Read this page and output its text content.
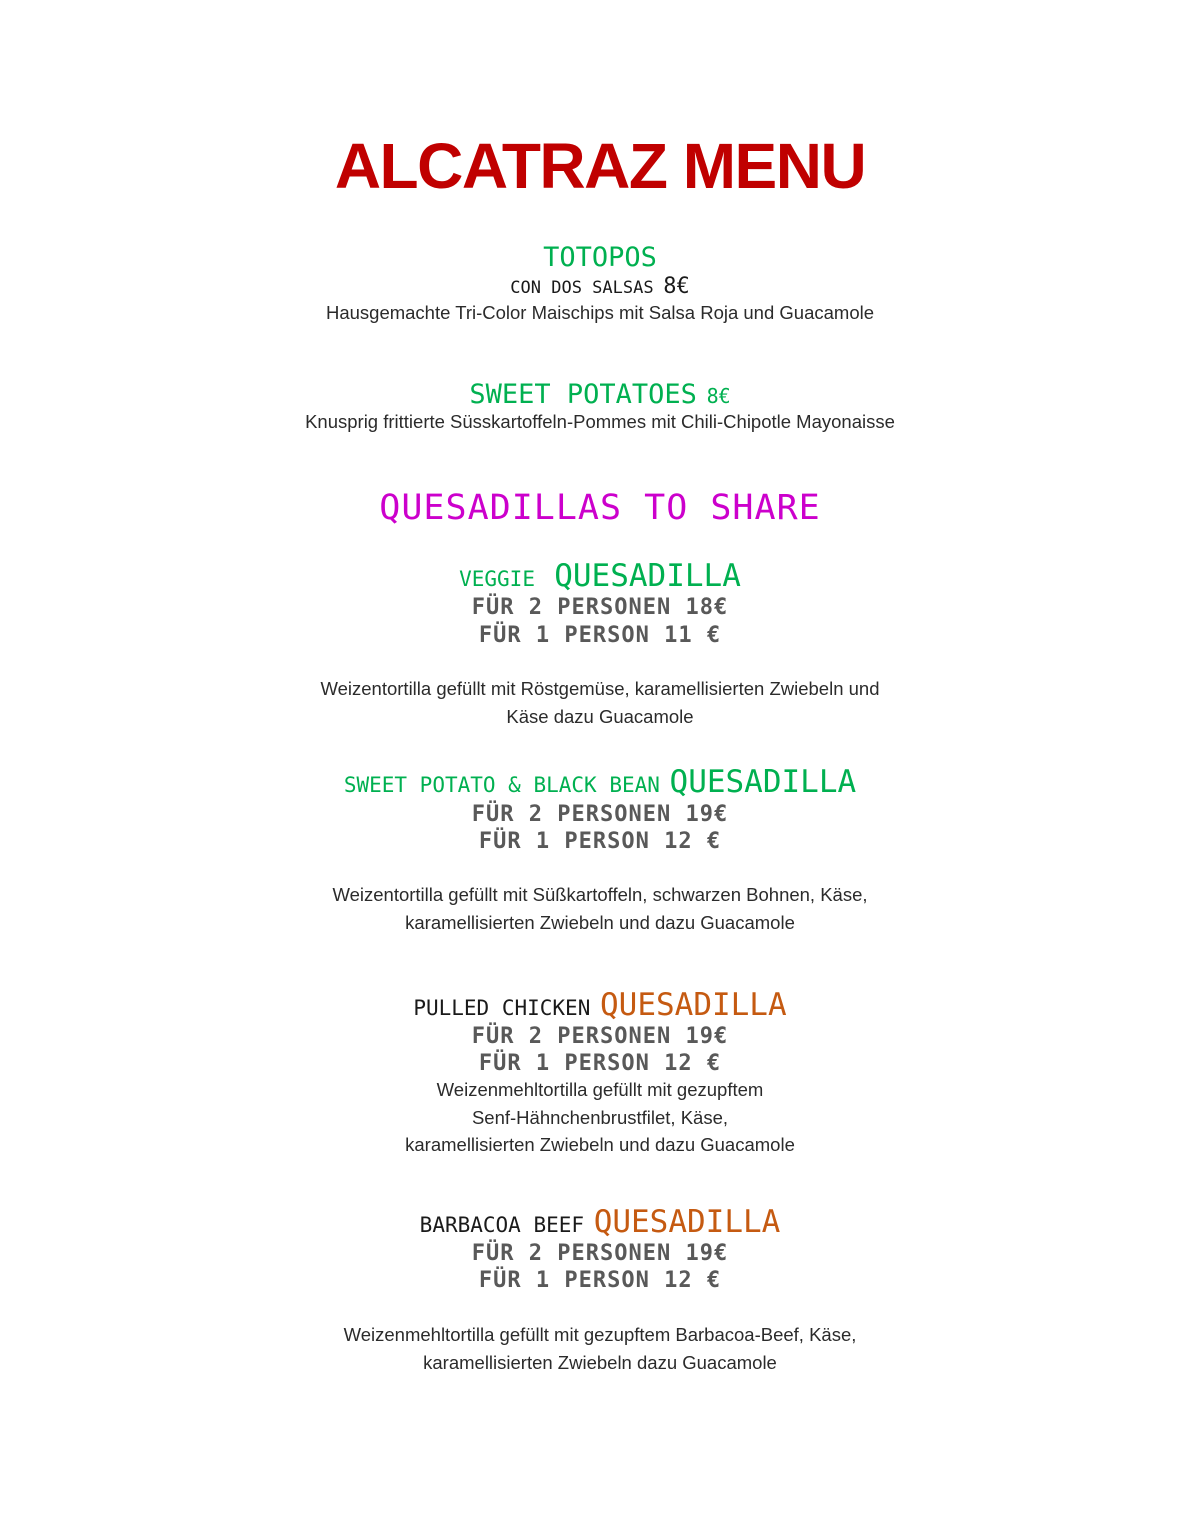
ALCATRAZ MENU
TOTOPOS
CON DOS SALSAS 8€
Hausgemachte Tri-Color Maischips mit Salsa Roja und Guacamole
SWEET POTATOES 8€
Knusprig frittierte Süsskartoffeln-Pommes mit Chili-Chipotle Mayonaisse
QUESADILLAS TO SHARE
VEGGIE QUESADILLA
FÜR 2 PERSONEN 18€
FÜR 1 PERSON 11 €
Weizentortilla gefüllt mit Röstgemüse, karamellisierten Zwiebeln und
Käse dazu Guacamole
SWEET POTATO & BLACK BEAN QUESADILLA
FÜR 2 PERSONEN 19€
FÜR 1 PERSON 12 €
Weizentortilla gefüllt mit Süßkartoffeln, schwarzen Bohnen, Käse,
karamellisierten Zwiebeln und dazu Guacamole
PULLED CHICKEN QUESADILLA
FÜR 2 PERSONEN 19€
FÜR 1 PERSON 12 €
Weizenmehltortilla gefüllt mit gezupftem
Senf-Hähnchenbrustfilet, Käse,
karamellisierten Zwiebeln und dazu Guacamole
BARBACOA BEEF QUESADILLA
FÜR 2 PERSONEN 19€
FÜR 1 PERSON 12 €
Weizenmehltortilla gefüllt mit gezupftem Barbacoa-Beef, Käse,
karamellisierten Zwiebeln dazu Guacamole
